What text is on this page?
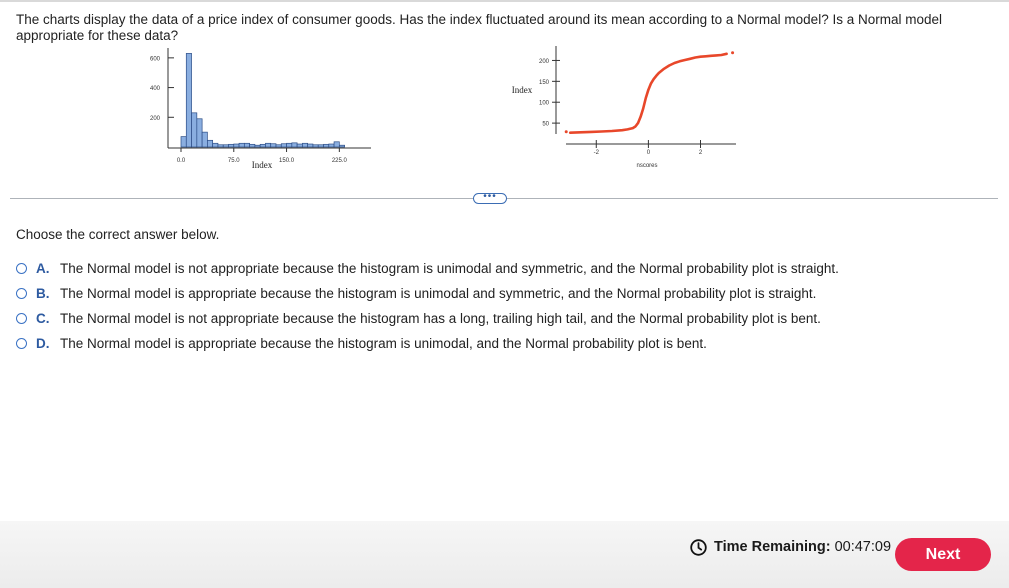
The charts display the data of a price index of consumer goods. Has the index fluctuated around its mean according to a Normal model? Is a Normal model appropriate for these data?
600
400
200
0.0	75.0	150.0	225.0
Index
200
150
100
50
Index
-2	0	2
nscores
•••
Choose the correct answer below.
A. The Normal model is not appropriate because the histogram is unimodal and symmetric, and the Normal probability plot is straight.
B. The Normal model is appropriate because the histogram is unimodal and symmetric, and the Normal probability plot is straight.
C. The Normal model is not appropriate because the histogram has a long, trailing high tail, and the Normal probability plot is bent.
D. The Normal model is appropriate because the histogram is unimodal, and the Normal probability plot is bent.
Time Remaining: 00:47:09	Next
